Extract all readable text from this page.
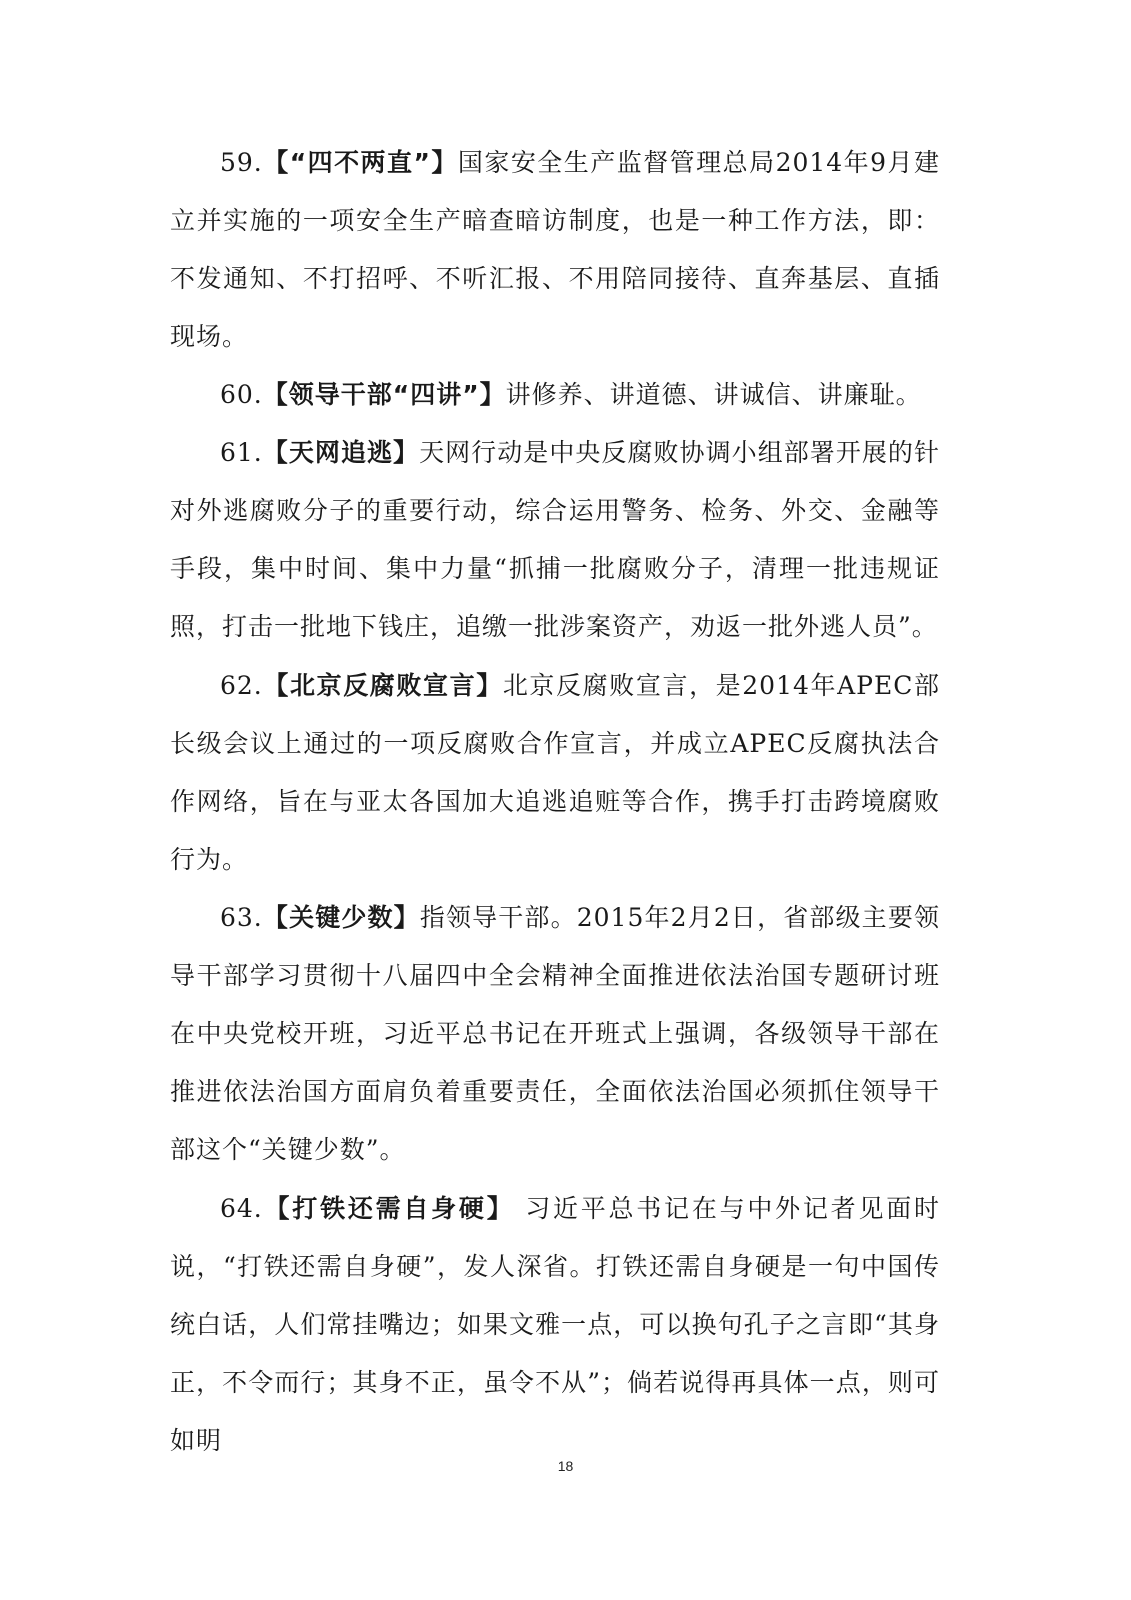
59.【“四不两直”】国家安全生产监督管理总局2014年9月建立并实施的一项安全生产暗查暗访制度，也是一种工作方法，即：不发通知、不打招呼、不听汇报、不用陪同接待、直奔基层、直插现场。

60.【领导干部“四讲”】讲修养、讲道德、讲诚信、讲廉耻。

61.【天网追逃】天网行动是中央反腐败协调小组部署开展的针对外逃腐败分子的重要行动，综合运用警务、检务、外交、金融等手段，集中时间、集中力量“抓捕一批腐败分子，清理一批违规证照，打击一批地下钱庄，追缴一批涉案资产，劝返一批外逃人员”。

62.【北京反腐败宣言】北京反腐败宣言，是2014年APEC部长级会议上通过的一项反腐败合作宣言，并成立APEC反腐执法合作网络，旨在与亚太各国加大追逃追赃等合作，携手打击跨境腐败行为。

63.【关键少数】指领导干部。2015年2月2日，省部级主要领导干部学习贯彻十八届四中全会精神全面推进依法治国专题研讨班在中央党校开班，习近平总书记在开班式上强调，各级领导干部在推进依法治国方面肩负着重要责任，全面依法治国必须抓住领导干部这个“关键少数”。

64.【打铁还需自身硬】 习近平总书记在与中外记者见面时说，“打铁还需自身硬”，发人深省。打铁还需自身硬是一句中国传统白话，人们常挂嘴边；如果文雅一点，可以换句孔子之言即“其身正，不令而行；其身不正，虽令不从”；倘若说得再具体一点，则可如明

18
